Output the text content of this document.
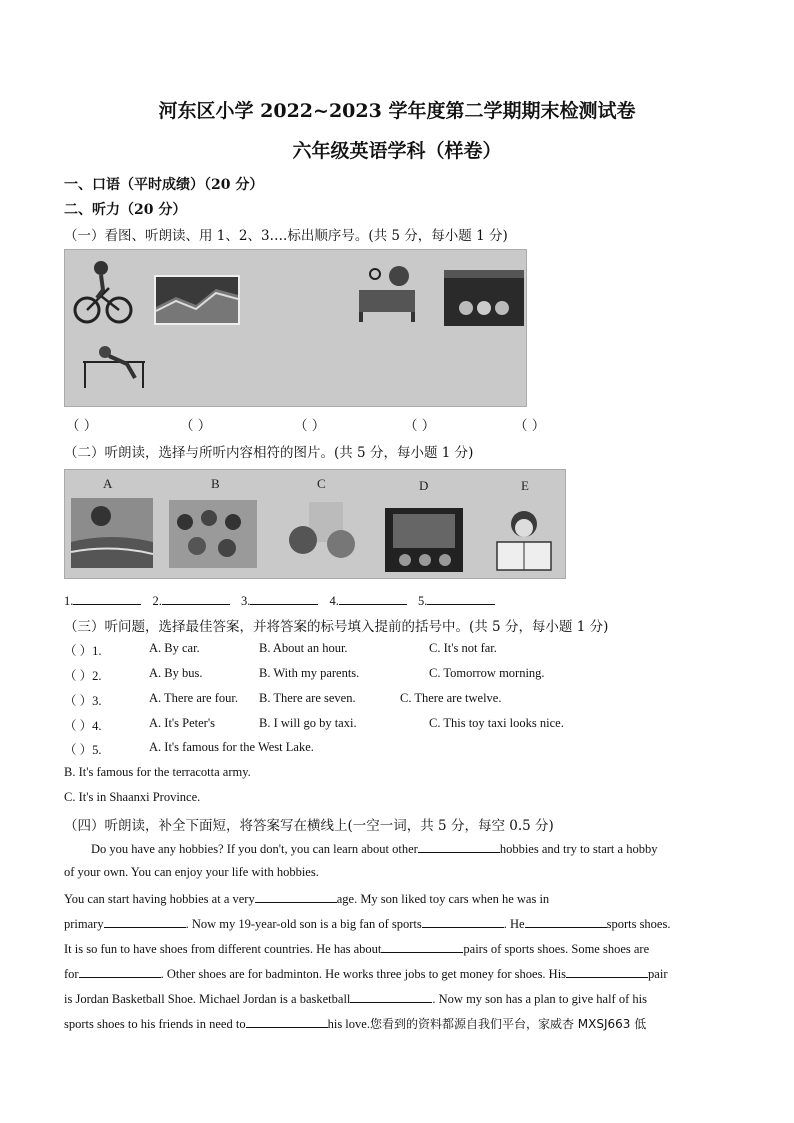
河东区小学 2022~2023 学年度第二学期期末检测试卷
六年级英语学科（样卷）
一、口语（平时成绩）（20 分）
二、听力（20 分）
（一）看图、听朗读、用 1、2、3….标出顺序号。(共 5 分，每小题 1 分)
（ ）	（ ）	（ ）	（ ）	（ ）
（二）听朗读，选择与所听内容相符的图片。(共 5 分，每小题 1 分)
A	B	C	D	E
1.	2.	3.	4.	5.
（三）听问题，选择最佳答案，并将答案的标号填入提前的括号中。(共 5 分，每小题 1 分)
（ ）1.	A. By car.	B. About an hour.	C. It's not far.
（ ）2.	A. By bus.	B. With my parents.	C. Tomorrow morning.
（ ）3.	A. There are four. B. There are seven.	C. There are twelve.
（ ）4.	A. It's Peter's	B. I will go by taxi.	C. This toy taxi looks nice.
（ ）5.	A. It's famous for the West Lake.
B. It's famous for the terracotta army.
C. It's in Shaanxi Province.
（四）听朗读，补全下面短，将答案写在横线上(一空一词，共 5 分，每空 0.5 分)
Do you have any hobbies? If you don't, you can learn about other	hobbies and try to start a hobby
of your own. You can enjoy your life with hobbies.
You can start having hobbies at a very	age. My son liked toy cars when he was in
primary	. Now my 19-year-old son is a big fan of sports	. He	sports shoes.
It is so fun to have shoes from different countries. He has about	pairs of sports shoes. Some shoes are
for	. Other shoes are for badminton. He works three jobs to get money for shoes. His	pair
is Jordan Basketball Shoe. Michael Jordan is a basketball	. Now my son has a plan to give half of his
sports shoes to his friends in need to	his love.您看到的资料都源自我们平台，家威杏 MXSJ663 低
